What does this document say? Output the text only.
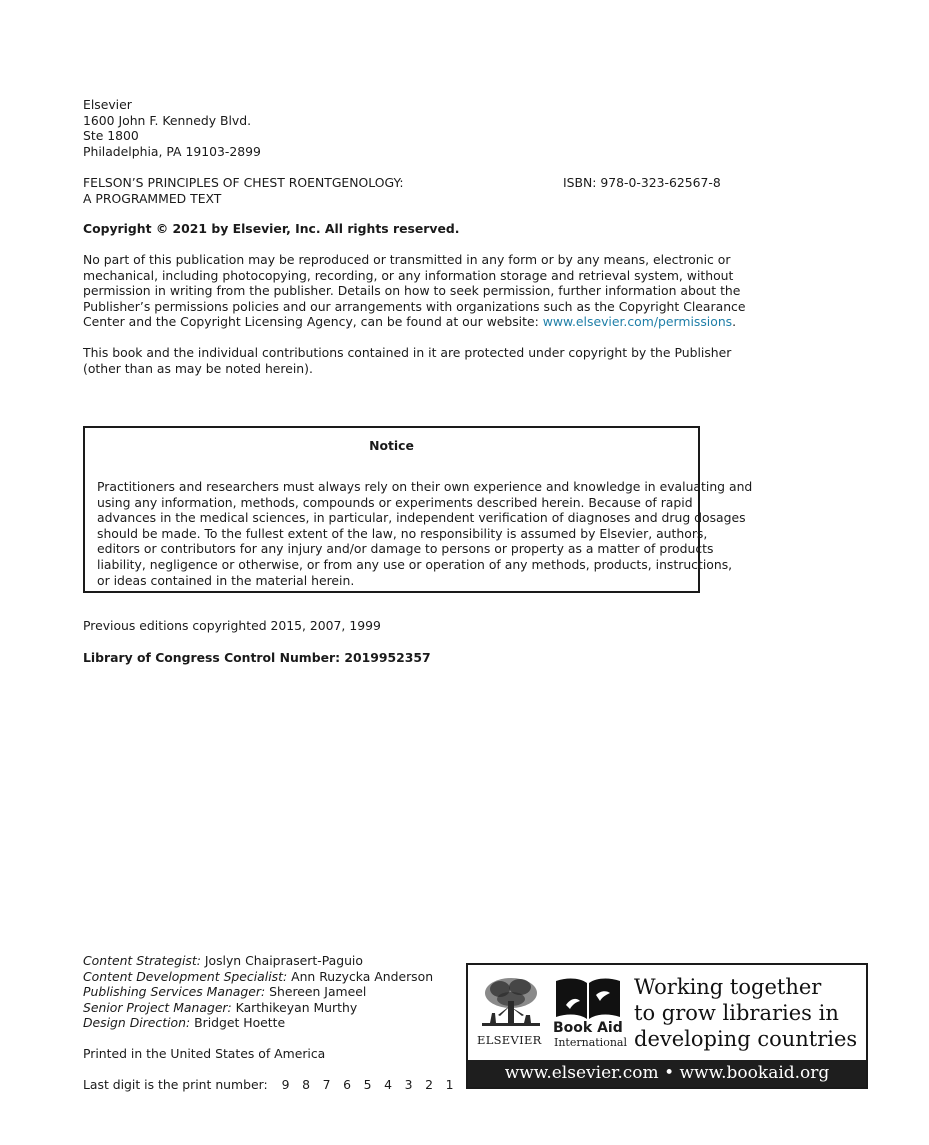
Elsevier
1600 John F. Kennedy Blvd.
Ste 1800
Philadelphia, PA 19103-2899
FELSON’S PRINCIPLES OF CHEST ROENTGENOLOGY:
A PROGRAMMED TEXT
ISBN: 978-0-323-62567-8
Copyright © 2021 by Elsevier, Inc. All rights reserved.
No part of this publication may be reproduced or transmitted in any form or by any means, electronic or
mechanical, including photocopying, recording, or any information storage and retrieval system, without
permission in writing from the publisher. Details on how to seek permission, further information about the
Publisher’s permissions policies and our arrangements with organizations such as the Copyright Clearance
Center and the Copyright Licensing Agency, can be found at our website: www.elsevier.com/permissions.
This book and the individual contributions contained in it are protected under copyright by the Publisher
(other than as may be noted herein).
Notice
Practitioners and researchers must always rely on their own experience and knowledge in evaluating and
using any information, methods, compounds or experiments described herein. Because of rapid
advances in the medical sciences, in particular, independent verification of diagnoses and drug dosages
should be made. To the fullest extent of the law, no responsibility is assumed by Elsevier, authors,
editors or contributors for any injury and/or damage to persons or property as a matter of products
liability, negligence or otherwise, or from any use or operation of any methods, products, instructions,
or ideas contained in the material herein.
Previous editions copyrighted 2015, 2007, 1999
Library of Congress Control Number: 2019952357
Content Strategist: Joslyn Chaiprasert-Paguio
Content Development Specialist: Ann Ruzycka Anderson
Publishing Services Manager: Shereen Jameel
Senior Project Manager: Karthikeyan Murthy
Design Direction: Bridget Hoette
Printed in the United States of America
Last digit is the print number: 9 8 7 6 5 4 3 2 1
ELSEVIER
Book Aid
International
Working together
to grow libraries in
developing countries
www.elsevier.com • www.bookaid.org
